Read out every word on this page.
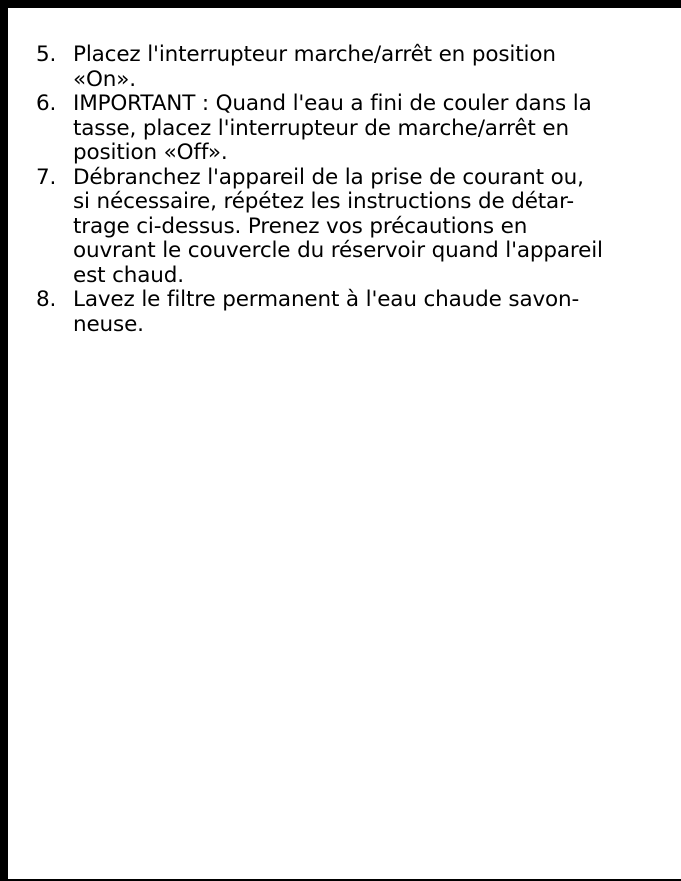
5. Placez l'interrupteur marche/arrêt en position
«On».
6. IMPORTANT : Quand l'eau a fini de couler dans la
tasse, placez l'interrupteur de marche/arrêt en
position «Off».
7. Débranchez l'appareil de la prise de courant ou,
si nécessaire, répétez les instructions de détar-
trage ci-dessus. Prenez vos précautions en
ouvrant le couvercle du réservoir quand l'appareil
est chaud.
8. Lavez le filtre permanent à l'eau chaude savon-
neuse.
